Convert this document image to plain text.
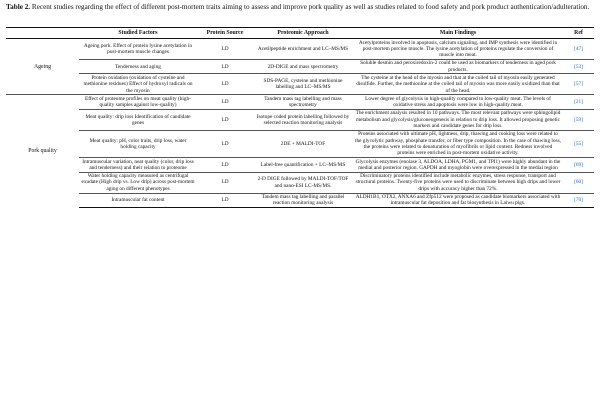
Table 2. Recent studies regarding the effect of different post-mortem traits aiming to assess and improve pork quality as well as studies related to food safety and pork product authentication/adulteration.
	Studied Factors	Protein Source	Proteomic Approach	Main Findings	Ref
Ageing	Ageing pork. Effect of protein lysine acetylation in post-mortem muscle changes	LD	Acetilpeptide enrichment and LC–MS/MS	Acetylproteins involved in apoptosis, calcium signaling, and IMP synthesis were identified in post-mortem porcine muscle. The lysine acetylation of proteins regulate the conversion of muscle into meat.	[47]
	Tenderness and aging	LD	2D-DIGE and mass spectrometry	Soluble desmin and peroxiredoxin-2 could be used as biomarkers of tenderness in aged pork products.	[53]
	Protein oxidation (oxidation of cysteine and methionine residues) Effect of hydroxyl radicals on the myosin	LD	SDS-PAGE, cysteine and methionine labelling and LC–MS/MS	The cysteine at the head of the myosin and that at the coiled tail of myosin easily generated disulfide. Further, the methionine at the coiled tail of myosin was more easily oxidized than that of the head.	[57]
Pork quality	Effect of proteome profiles on meat quality (high-quality samples against low-quality)	LD	Tandem mass tag labelling and mass spectrometry	Lower degree of glycolysis in high-quality compared to low-quality meat. The levels of oxidative stress and apoptosis were low in high-quality meat.	[21]
	Meat quality: drip loss Identification of candidate genes	LD	Isotope coded protein labelling followed by selected reaction monitoring analysis	The enrichment analysis resulted in 10 pathways. The most relevant pathways were sphingolipid metabolism and glycolysis/gluconeogenesis in relation to drip loss. It allowed proposing genetic markers and candidate genes for drip loss.	[59]
	Meat quality: pH, color traits, drip loss, water holding capacity	LD	2DE + MALDI-TOF	Proteins associated with ultimate pH, lightness, drip, thawing and cooking loss were related to the glycolytic pathway, phosphate transfer, or fiber type composition. In the case of thawing loss, the proteins were related to denaturation of myofibrils or lipid content. Redness involved proteins were enriched in post-mortem oxidative activity.	[55]
	Intramuscular variation, neat quality (color, drip loss and tenderness) and their relation to proteome	LD	Label-free quantification + LC–MS/MS	Glycolysis enzymes (enolase 3, ALDOA, LDHA, PGM1, and TPI1) were highly abundant in the medial and posterior region. GAPDH and myoglobin were overexpressed in the medial region	[69]
	Water holding capacity measured as centrifugal exudate (High drip vs. Low drip) across post-mortem aging on different phenotypes	LD	2-D DIGE followed by MALDI-TOF/TOF and nano-ESI LC-MS/MS.	Discriminatory proteins identified include metabolic enzymes, stress response, transport and structural proteins. Twenty-five proteins were used to discriminate between high drips and lower drips with accuracy higher than 72%.	[60]
	Intramuscular fat content	LD	Tandem mass tag labelling and parallel reaction monitoring analysis	ALDH1B1, OTX2, ANXA6 and Zfp512 were proposed as candidate biomarkers associated with intramuscular fat deposition and fat biosynthesis in Laiwu pigs.	[70]
